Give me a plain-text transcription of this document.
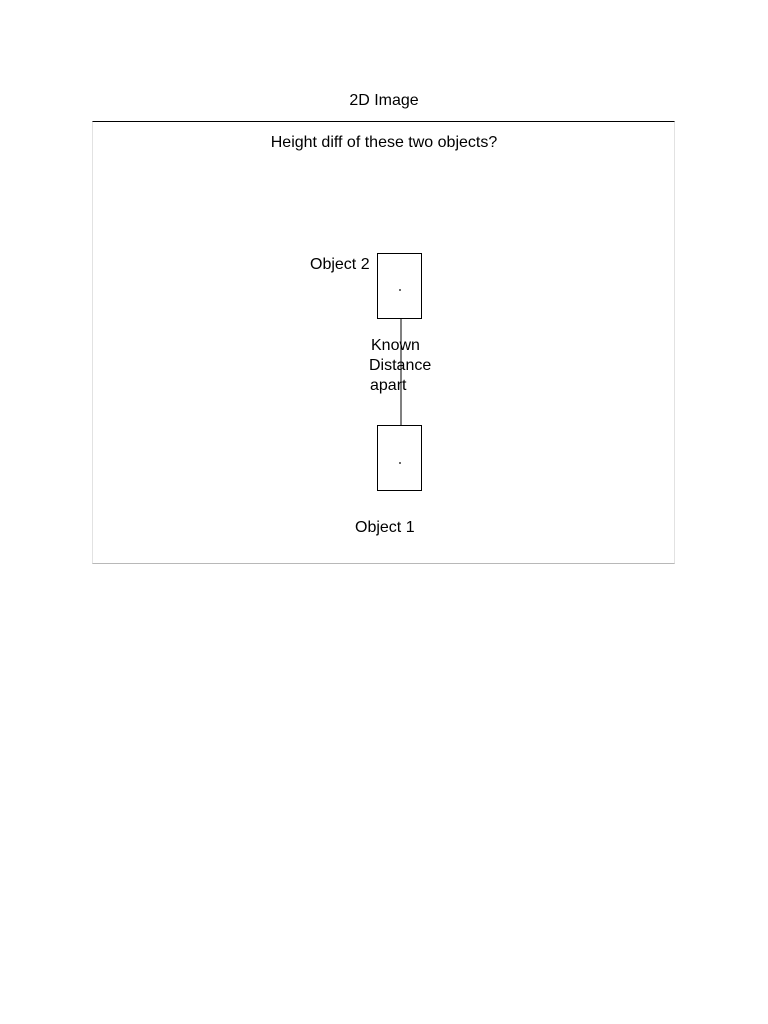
2D Image
Height diff of these two objects?
Object 2
Known
Distance
apart
Object 1
